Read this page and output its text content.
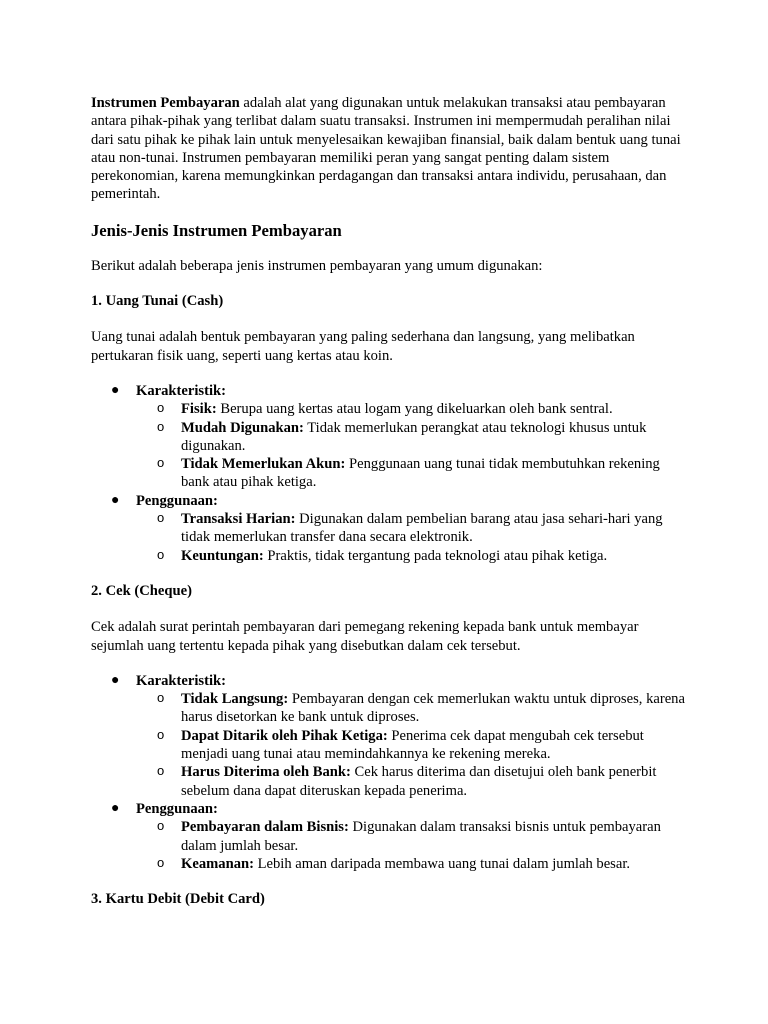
Instrumen Pembayaran adalah alat yang digunakan untuk melakukan transaksi atau pembayaran antara pihak-pihak yang terlibat dalam suatu transaksi. Instrumen ini mempermudah peralihan nilai dari satu pihak ke pihak lain untuk menyelesaikan kewajiban finansial, baik dalam bentuk uang tunai atau non-tunai. Instrumen pembayaran memiliki peran yang sangat penting dalam sistem perekonomian, karena memungkinkan perdagangan dan transaksi antara individu, perusahaan, dan pemerintah.

Jenis-Jenis Instrumen Pembayaran

Berikut adalah beberapa jenis instrumen pembayaran yang umum digunakan:

1. Uang Tunai (Cash)

Uang tunai adalah bentuk pembayaran yang paling sederhana dan langsung, yang melibatkan pertukaran fisik uang, seperti uang kertas atau koin.

● Karakteristik:
o Fisik: Berupa uang kertas atau logam yang dikeluarkan oleh bank sentral.
o Mudah Digunakan: Tidak memerlukan perangkat atau teknologi khusus untuk digunakan.
o Tidak Memerlukan Akun: Penggunaan uang tunai tidak membutuhkan rekening bank atau pihak ketiga.
● Penggunaan:
o Transaksi Harian: Digunakan dalam pembelian barang atau jasa sehari-hari yang tidak memerlukan transfer dana secara elektronik.
o Keuntungan: Praktis, tidak tergantung pada teknologi atau pihak ketiga.
2. Cek (Cheque)

Cek adalah surat perintah pembayaran dari pemegang rekening kepada bank untuk membayar sejumlah uang tertentu kepada pihak yang disebutkan dalam cek tersebut.

● Karakteristik:
o Tidak Langsung: Pembayaran dengan cek memerlukan waktu untuk diproses, karena harus disetorkan ke bank untuk diproses.
o Dapat Ditarik oleh Pihak Ketiga: Penerima cek dapat mengubah cek tersebut menjadi uang tunai atau memindahkannya ke rekening mereka.
o Harus Diterima oleh Bank: Cek harus diterima dan disetujui oleh bank penerbit sebelum dana dapat diteruskan kepada penerima.
● Penggunaan:
o Pembayaran dalam Bisnis: Digunakan dalam transaksi bisnis untuk pembayaran dalam jumlah besar.
o Keamanan: Lebih aman daripada membawa uang tunai dalam jumlah besar.
3. Kartu Debit (Debit Card)
